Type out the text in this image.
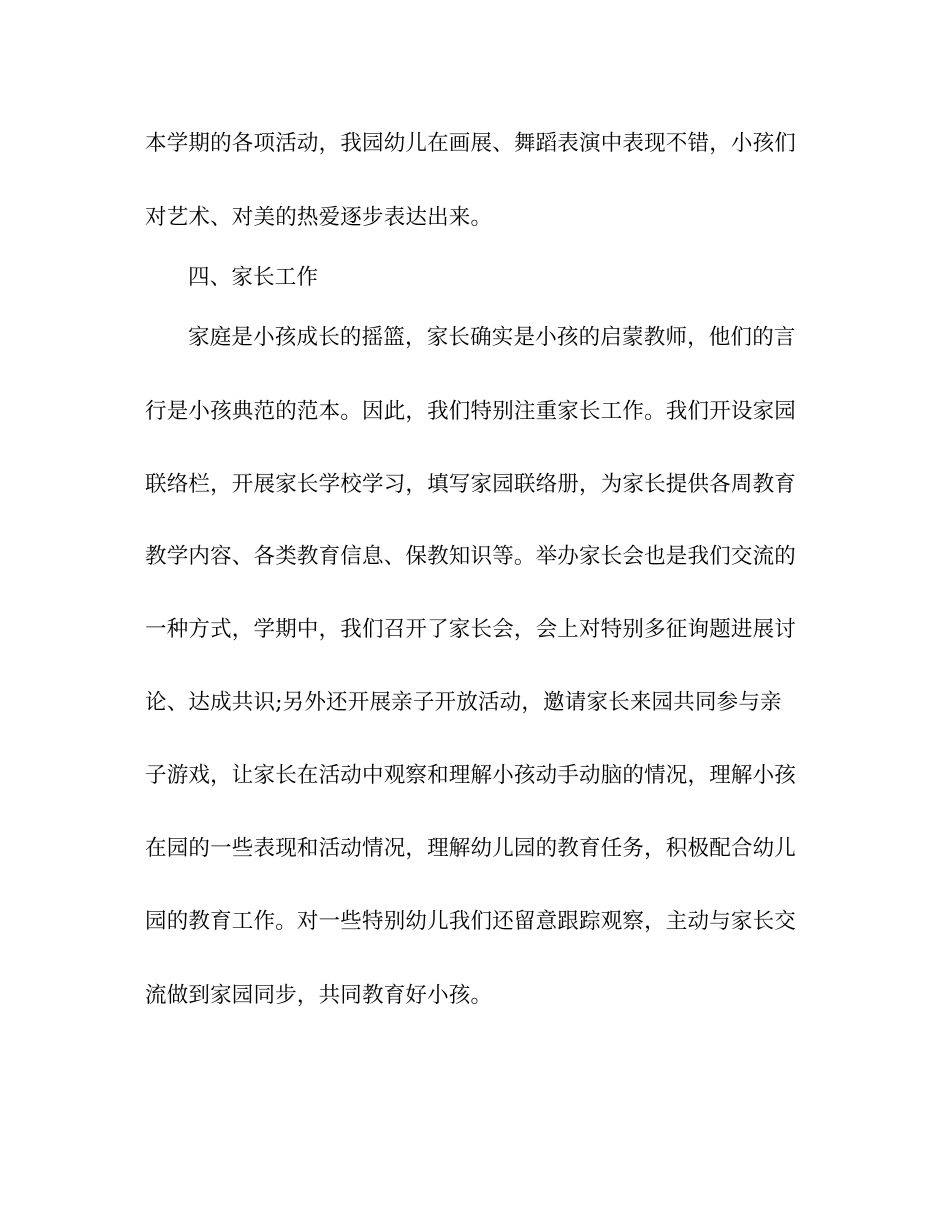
本学期的各项活动，我园幼儿在画展、舞蹈表演中表现不错，小孩们
对艺术、对美的热爱逐步表达出来。
四、家长工作
家庭是小孩成长的摇篮，家长确实是小孩的启蒙教师，他们的言
行是小孩典范的范本。因此，我们特别注重家长工作。我们开设家园
联络栏，开展家长学校学习，填写家园联络册，为家长提供各周教育
教学内容、各类教育信息、保教知识等。举办家长会也是我们交流的
一种方式，学期中，我们召开了家长会，会上对特别多征询题进展讨
论、达成共识;另外还开展亲子开放活动，邀请家长来园共同参与亲
子游戏，让家长在活动中观察和理解小孩动手动脑的情况，理解小孩
在园的一些表现和活动情况，理解幼儿园的教育任务，积极配合幼儿
园的教育工作。对一些特别幼儿我们还留意跟踪观察，主动与家长交
流做到家园同步，共同教育好小孩。
